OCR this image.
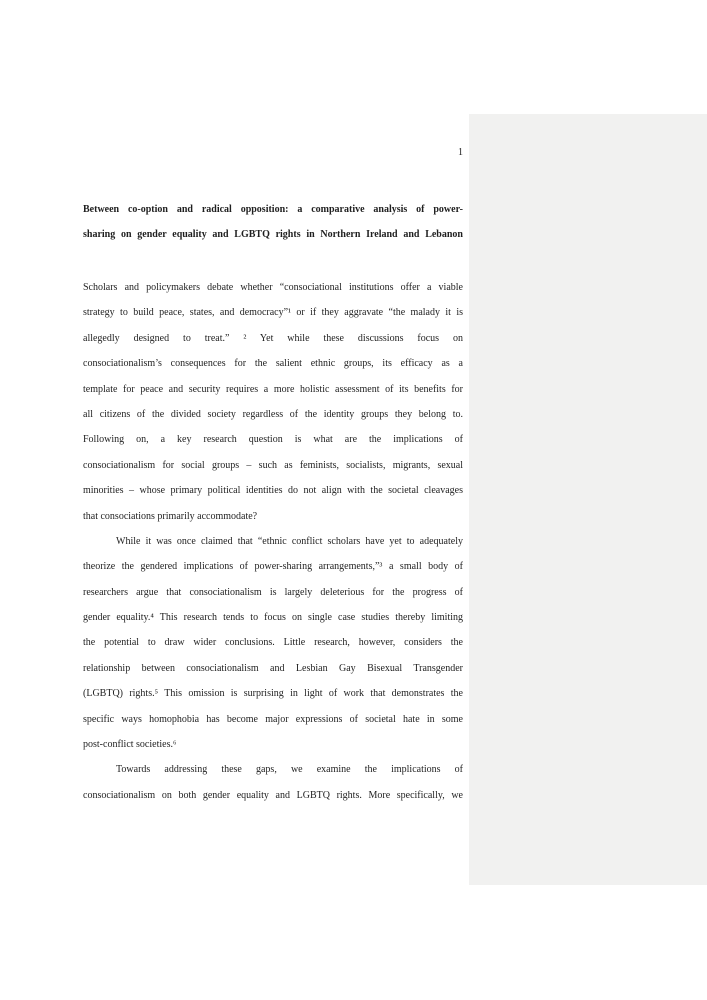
1
Between co-option and radical opposition: a comparative analysis of power-
sharing on gender equality and LGBTQ rights in Northern Ireland and Lebanon
Scholars and policymakers debate whether “consociational institutions offer a viable
strategy to build peace, states, and democracy”¹ or if they aggravate “the malady it is
allegedly designed to treat.” ² Yet while these discussions focus on
consociationalism’s consequences for the salient ethnic groups, its efficacy as a
template for peace and security requires a more holistic assessment of its benefits for
all citizens of the divided society regardless of the identity groups they belong to.
Following on, a key research question is what are the implications of
consociationalism for social groups – such as feminists, socialists, migrants, sexual
minorities – whose primary political identities do not align with the societal cleavages
that consociations primarily accommodate?
While it was once claimed that “ethnic conflict scholars have yet to adequately
theorize the gendered implications of power-sharing arrangements,”³ a small body of
researchers argue that consociationalism is largely deleterious for the progress of
gender equality.⁴ This research tends to focus on single case studies thereby limiting
the potential to draw wider conclusions. Little research, however, considers the
relationship between consociationalism and Lesbian Gay Bisexual Transgender
(LGBTQ) rights.⁵ This omission is surprising in light of work that demonstrates the
specific ways homophobia has become major expressions of societal hate in some
post-conflict societies.⁶
Towards addressing these gaps, we examine the implications of
consociationalism on both gender equality and LGBTQ rights. More specifically, we
